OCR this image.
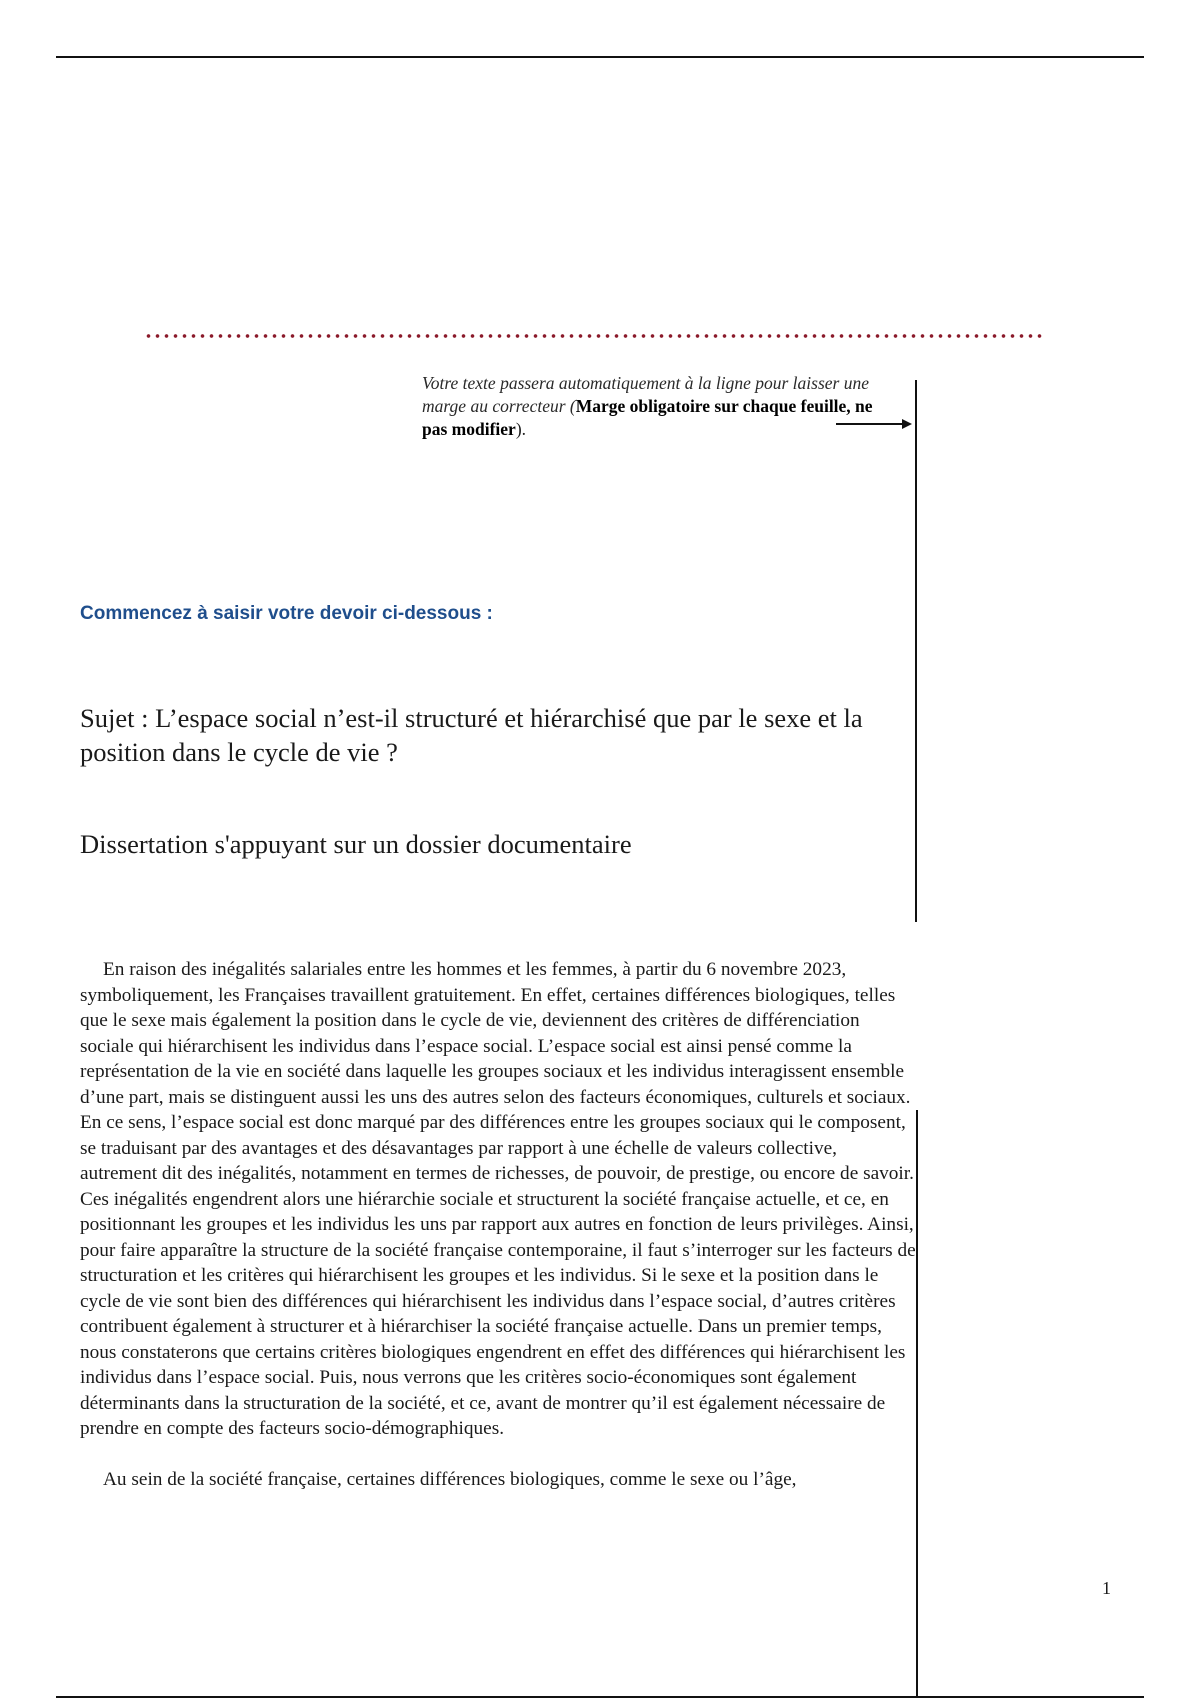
Votre texte passera automatiquement à la ligne pour laisser une marge au correcteur (Marge obligatoire sur chaque feuille, ne pas modifier).
Commencez à saisir votre devoir ci-dessous :
Sujet : L’espace social n’est-il structuré et hiérarchisé que par le sexe et la position dans le cycle de vie ?
Dissertation s'appuyant sur un dossier documentaire

En raison des inégalités salariales entre les hommes et les femmes, à partir du 6 novembre 2023, symboliquement, les Françaises travaillent gratuitement. En effet, certaines différences biologiques, telles que le sexe mais également la position dans le cycle de vie, deviennent des critères de différenciation sociale qui hiérarchisent les individus dans l’espace social. L’espace social est ainsi pensé comme la représentation de la vie en société dans laquelle les groupes sociaux et les individus interagissent ensemble d’une part, mais se distinguent aussi les uns des autres selon des facteurs économiques, culturels et sociaux. En ce sens, l’espace social est donc marqué par des différences entre les groupes sociaux qui le composent, se traduisant par des avantages et des désavantages par rapport à une échelle de valeurs collective, autrement dit des inégalités, notamment en termes de richesses, de pouvoir, de prestige, ou encore de savoir. Ces inégalités engendrent alors une hiérarchie sociale et structurent la société française actuelle, et ce, en positionnant les groupes et les individus les uns par rapport aux autres en fonction de leurs privilèges. Ainsi, pour faire apparaître la structure de la société française contemporaine, il faut s’interroger sur les facteurs de structuration et les critères qui hiérarchisent les groupes et les individus. Si le sexe et la position dans le cycle de vie sont bien des différences qui hiérarchisent les individus dans l’espace social, d’autres critères contribuent également à structurer et à hiérarchiser la société française actuelle. Dans un premier temps, nous constaterons que certains critères biologiques engendrent en effet des différences qui hiérarchisent les individus dans l’espace social. Puis, nous verrons que les critères socio-économiques sont également déterminants dans la structuration de la société, et ce, avant de montrer qu’il est également nécessaire de prendre en compte des facteurs socio-démographiques.

Au sein de la société française, certaines différences biologiques, comme le sexe ou l’âge,

1
